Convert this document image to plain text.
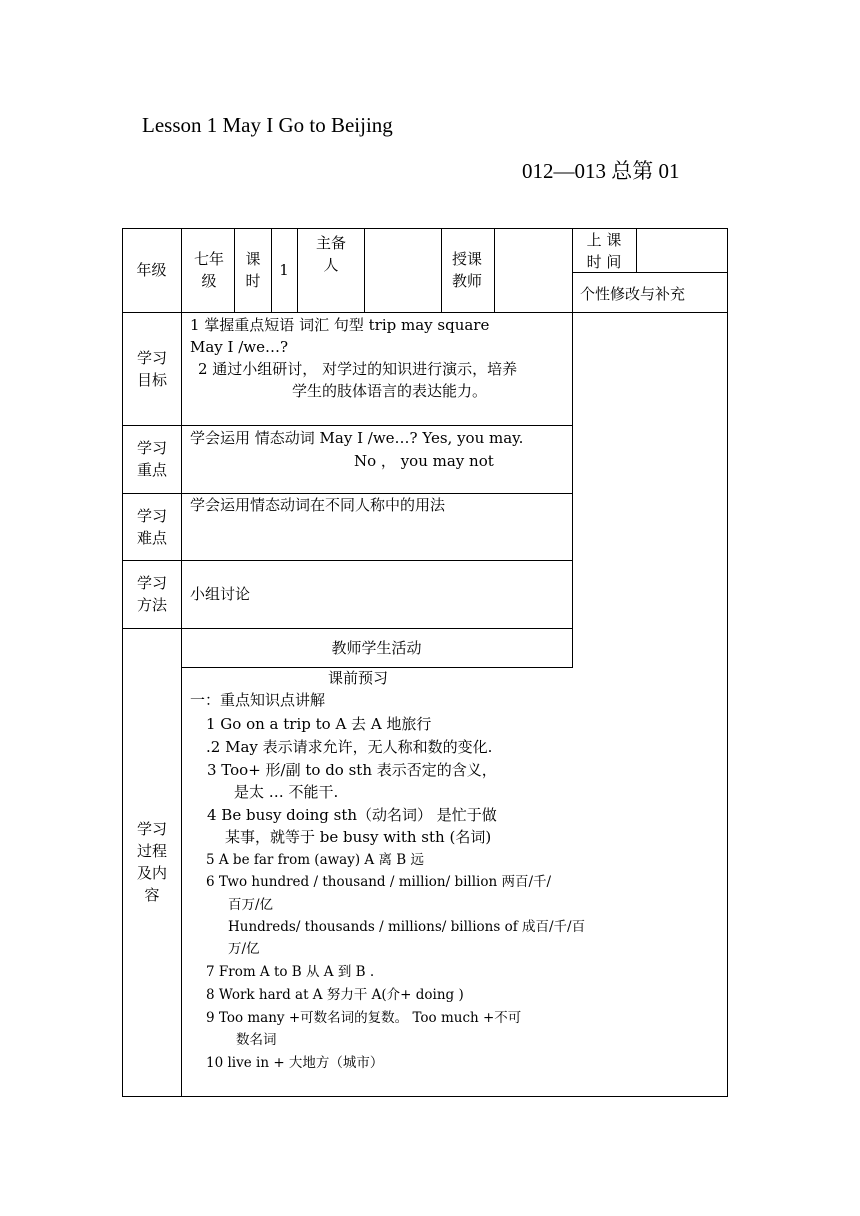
Lesson 1 May I Go to Beijing
012—013 总第 01
年级
七年级
课时
1
主备人	授课教师
上 课 时 间
个性修改与补充
学习目标
1 掌握重点短语 词汇 句型 trip may square
May I /we…?
2 通过小组研讨， 对学过的知识进行演示，培养
学生的肢体语言的表达能力。
学习重点
学会运用 情态动词 May I /we…? Yes, you may.
No ， you may not
学习难点
学会运用情态动词在不同人称中的用法
学习方法
小组讨论
学习过程及内容
教师学生活动
课前预习
一：重点知识点讲解
1 Go on a trip to A 去 A 地旅行
.2 May 表示请求允许，无人称和数的变化.
3 Too+ 形/副 to do sth 表示否定的含义，
是太 … 不能干.
4 Be busy doing sth（动名词） 是忙于做
某事，就等于 be busy with sth (名词)
5 A be far from (away) A 离 B 远
6 Two hundred / thousand / million/ billion 两百/千/
百万/亿
Hundreds/ thousands / millions/ billions of 成百/千/百
万/亿
7 From A to B 从 A 到 B .
8 Work hard at A 努力干 A(介+ doing )
9 Too many +可数名词的复数。 Too much +不可
数名词
10 live in + 大地方（城市）
